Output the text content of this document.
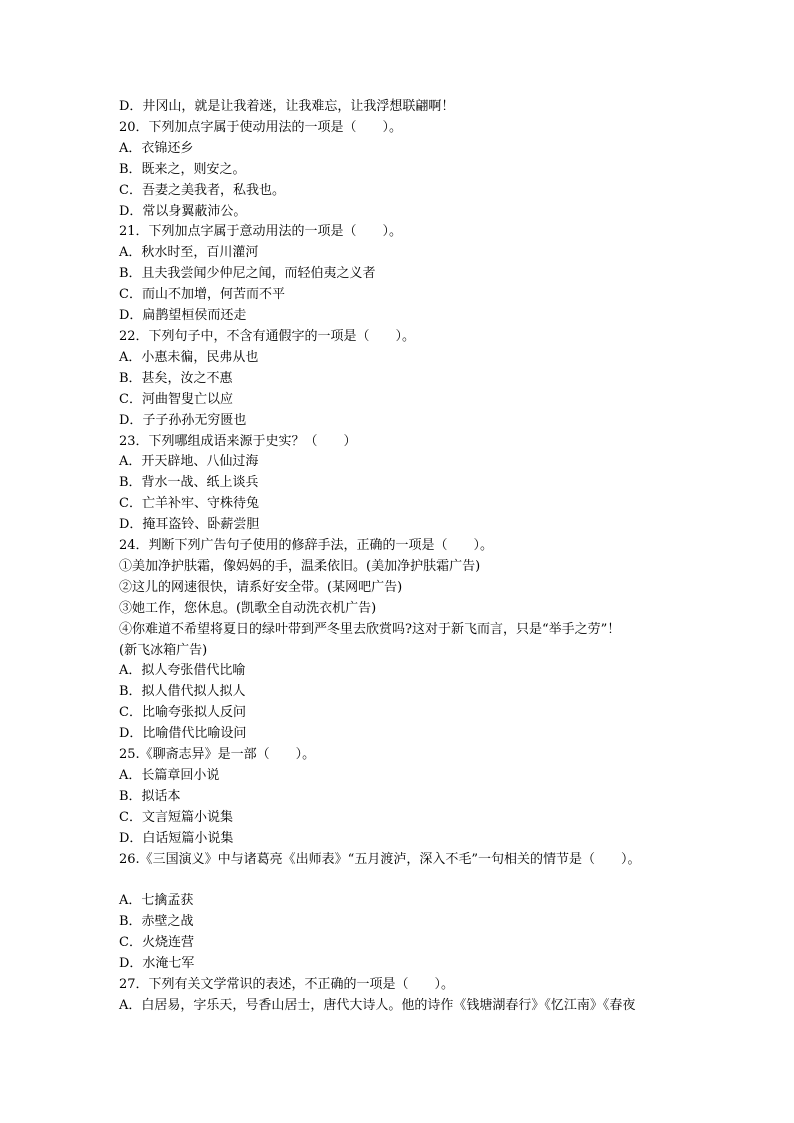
D．井冈山，就是让我着迷，让我难忘，让我浮想联翩啊！

20．下列加点字属于使动用法的一项是（　　）。

A．衣锦还乡

B．既来之，则安之。

C．吾妻之美我者，私我也。

D．常以身翼蔽沛公。

21．下列加点字属于意动用法的一项是（　　）。

A．秋水时至，百川灌河

B．且夫我尝闻少仲尼之闻，而轻伯夷之义者

C．而山不加增，何苦而不平

D．扁鹊望桓侯而还走

22．下列句子中，不含有通假字的一项是（　　）。

A．小惠未徧，民弗从也

B．甚矣，汝之不惠

C．河曲智叟亡以应

D．子子孙孙无穷匮也

23．下列哪组成语来源于史实？（　　）

A．开天辟地、八仙过海

B．背水一战、纸上谈兵

C．亡羊补牢、守株待兔

D．掩耳盗铃、卧薪尝胆

24．判断下列广告句子使用的修辞手法，正确的一项是（　　）。

①美加净护肤霜，像妈妈的手，温柔依旧。(美加净护肤霜广告)

②这儿的网速很快，请系好安全带。(某网吧广告)

③她工作，您休息。(凯歌全自动洗衣机广告)

④你难道不希望将夏日的绿叶带到严冬里去欣赏吗?这对于新飞而言，只是“举手之劳”！

(新飞冰箱广告)

A．拟人夸张借代比喻

B．拟人借代拟人拟人

C．比喻夸张拟人反问

D．比喻借代比喻设问

25.《聊斋志异》是一部（　　）。

A．长篇章回小说

B．拟话本

C．文言短篇小说集

D．白话短篇小说集

26.《三国演义》中与诸葛亮《出师表》“五月渡泸，深入不毛”一句相关的情节是（　　）。

A．七擒孟获

B．赤壁之战

C．火烧连营

D．水淹七军

27．下列有关文学常识的表述，不正确的一项是（　　）。

A．白居易，字乐天，号香山居士，唐代大诗人。他的诗作《钱塘湖春行》《忆江南》《春夜
